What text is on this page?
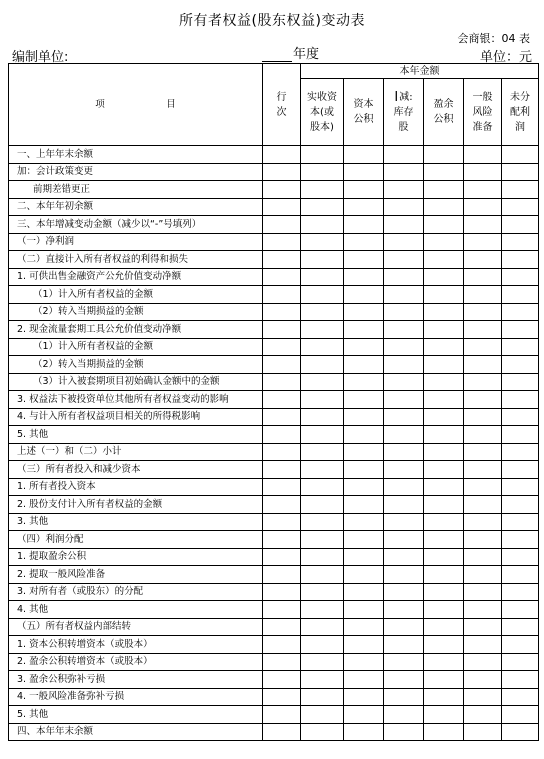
所有者权益(股东权益)变动表
会商银：04 表
编制单位:	年度	单位：元
项　目	行次	本年金额					
		实收资本(或股本)	资本公积	I减:库存股	盈余公积	一般风险准备	未分配利润
一、上年年末余额							
加：会计政策变更							
前期差错更正							
二、本年年初余额							
三、本年增减变动金额（减少以“-”号填列）							
（一）净利润							
（二）直接计入所有者权益的利得和损失							
1. 可供出售金融资产公允价值变动净额							
（1）计入所有者权益的金额							
（2）转入当期损益的金额							
2. 现金流量套期工具公允价值变动净额							
（1）计入所有者权益的金额							
（2）转入当期损益的金额							
（3）计入被套期项目初始确认金额中的金额							
3. 权益法下被投资单位其他所有者权益变动的影响							
4. 与计入所有者权益项目相关的所得税影响							
5. 其他							
上述（一）和（二）小计							
（三）所有者投入和减少资本							
1. 所有者投入资本							
2. 股份支付计入所有者权益的金额							
3. 其他							
（四）利润分配							
1. 提取盈余公积							
2. 提取一般风险准备							
3. 对所有者（或股东）的分配							
4. 其他							
（五）所有者权益内部结转							
1. 资本公积转增资本（或股本）							
2. 盈余公积转增资本（或股本）							
3. 盈余公积弥补亏损							
4. 一般风险准备弥补亏损							
5. 其他							
四、本年年末余额							
